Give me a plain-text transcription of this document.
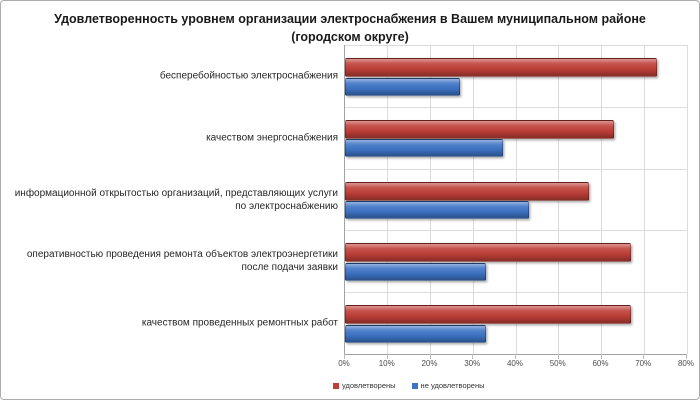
Удовлетворенность уровнем организации электроснабжения в Вашем муниципальном районе (городском округе)
удовлетворены	не удовлетворены
0%	10%	20%	30%	40%	50%	60%	70%	80%
бесперебойностью электроснабжения
качеством энергоснабжения
информационной открытостью организаций, представляющих услуги по электроснабжению
оперативностью проведения ремонта объектов электроэнергетики после подачи заявки
качеством проведенных ремонтных работ
